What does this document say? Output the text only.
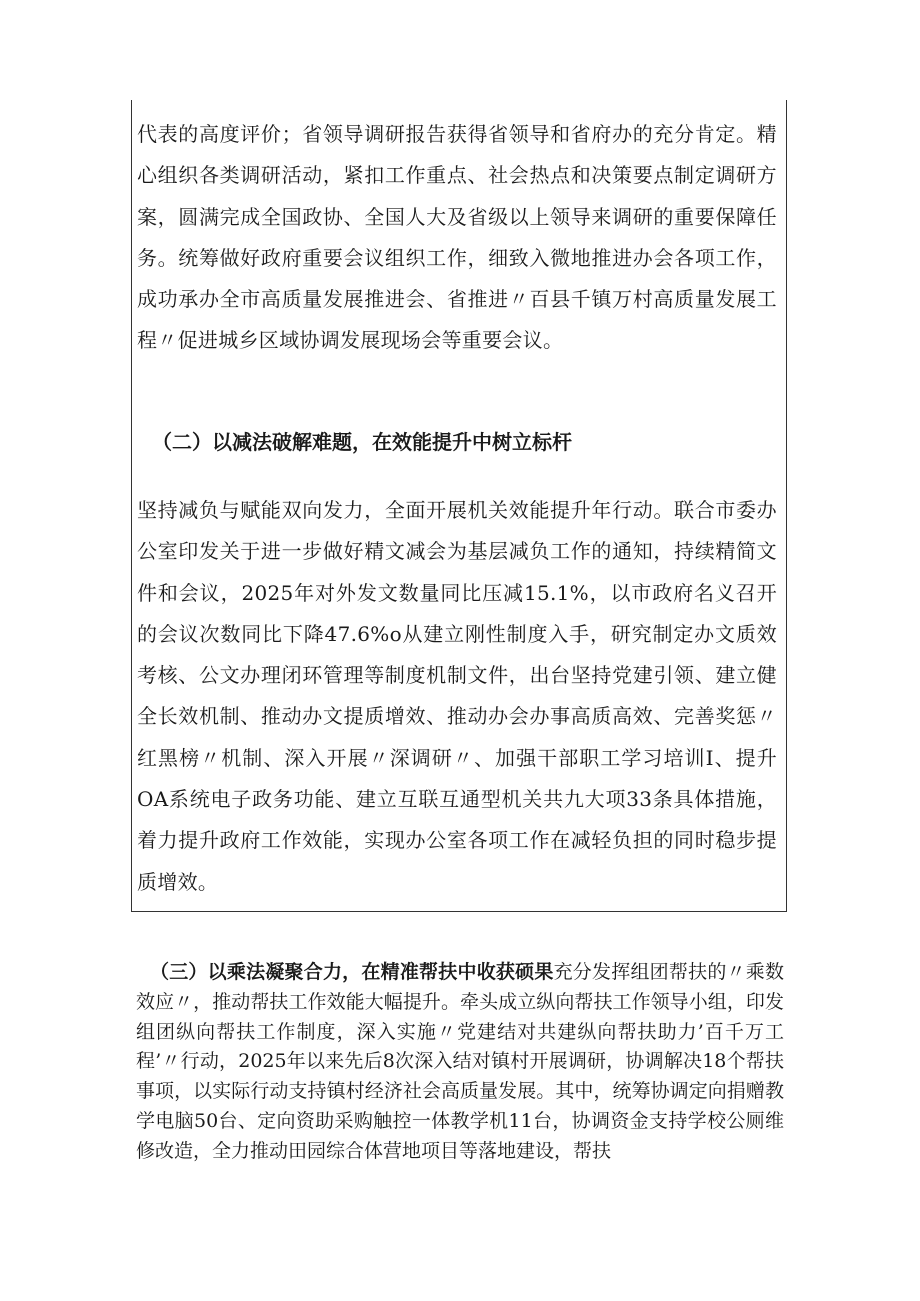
代表的高度评价；省领导调研报告获得省领导和省府办的充分肯定。精心组织各类调研活动，紧扣工作重点、社会热点和决策要点制定调研方案，圆满完成全国政协、全国人大及省级以上领导来调研的重要保障任务。统筹做好政府重要会议组织工作，细致入微地推进办会各项工作，成功承办全市高质量发展推进会、省推进〃百县千镇万村高质量发展工程〃促进城乡区域协调发展现场会等重要会议。

（二）以减法破解难题，在效能提升中树立标杆

坚持减负与赋能双向发力，全面开展机关效能提升年行动。联合市委办公室印发关于进一步做好精文减会为基层减负工作的通知，持续精简文件和会议，2025年对外发文数量同比压减15.1%，以市政府名义召开的会议次数同比下降47.6%o从建立刚性制度入手，研究制定办文质效考核、公文办理闭环管理等制度机制文件，出台坚持党建引领、建立健全长效机制、推动办文提质增效、推动办会办事高质高效、完善奖惩〃红黑榜〃机制、深入开展〃深调研〃、加强干部职工学习培训I、提升OA系统电子政务功能、建立互联互通型机关共九大项33条具体措施，着力提升政府工作效能，实现办公室各项工作在减轻负担的同时稳步提质增效。

（三）以乘法凝聚合力，在精准帮扶中收获硕果充分发挥组团帮扶的〃乘数效应〃，推动帮扶工作效能大幅提升。牵头成立纵向帮扶工作领导小组，印发组团纵向帮扶工作制度，深入实施〃党建结对共建纵向帮扶助力’百千万工程’〃行动，2025年以来先后8次深入结对镇村开展调研，协调解决18个帮扶事项，以实际行动支持镇村经济社会高质量发展。其中，统筹协调定向捐赠教学电脑50台、定向资助采购触控一体教学机11台，协调资金支持学校公厕维修改造，全力推动田园综合体营地项目等落地建设，帮扶
